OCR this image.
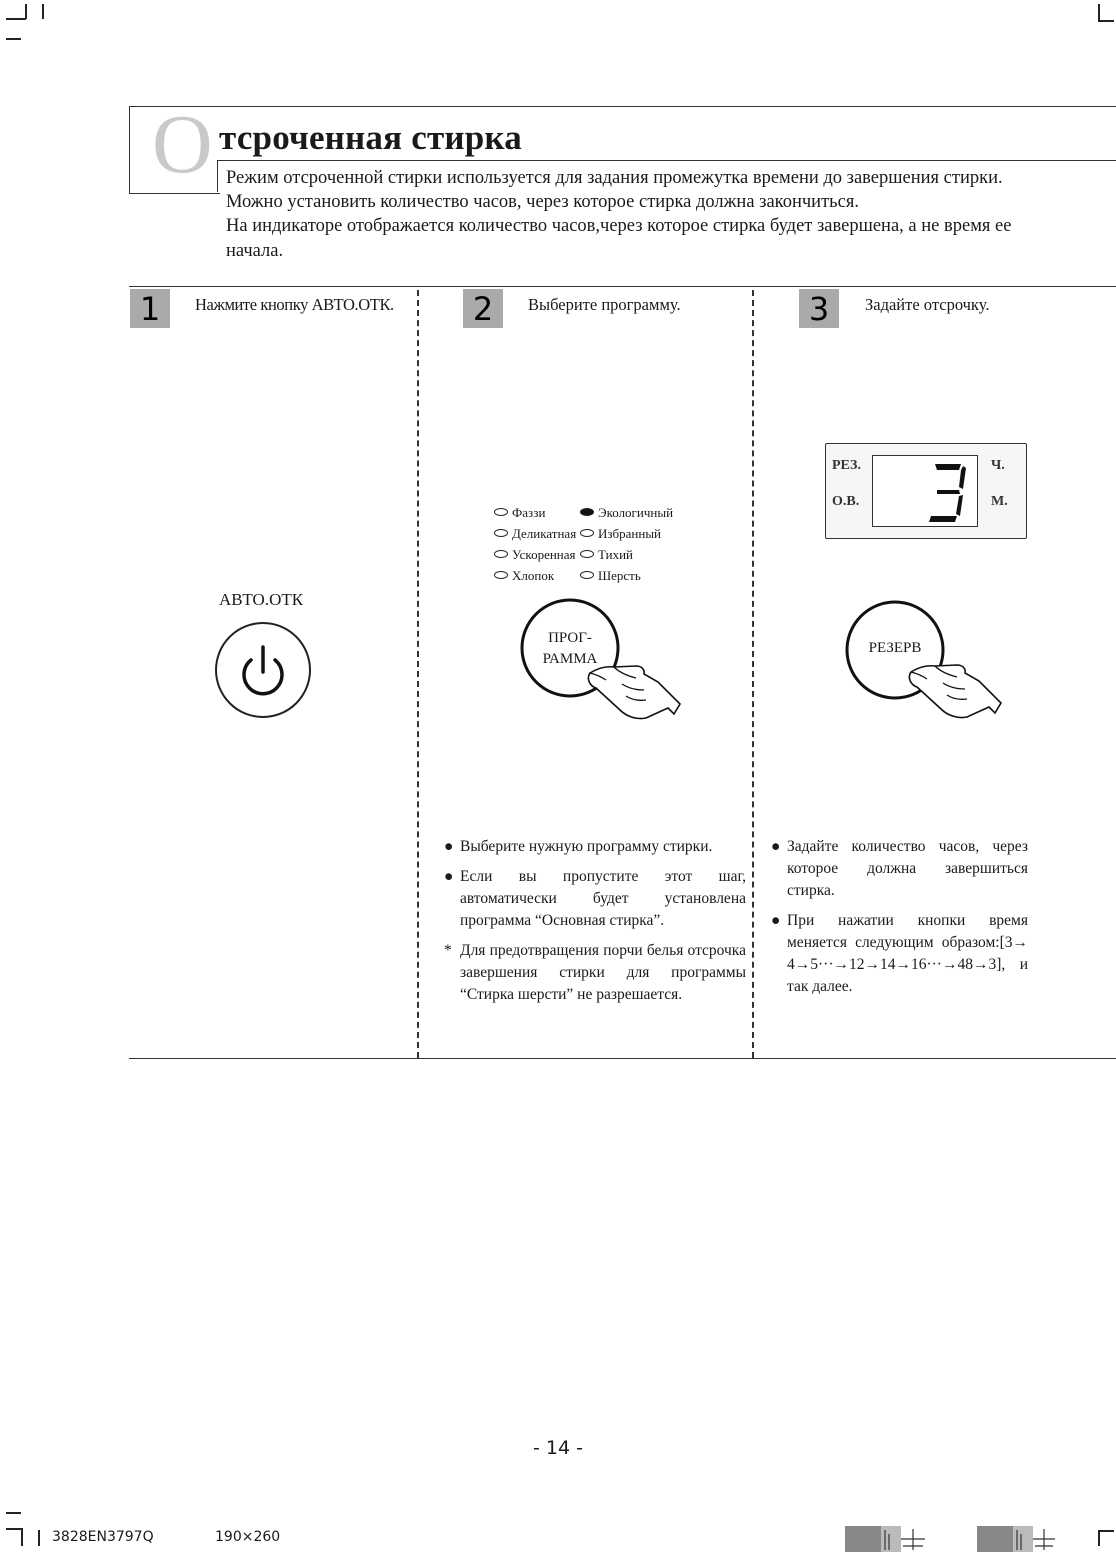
О тсроченная стирка

Режим отсроченной стирки используется для задания промежутка времени до завершения стирки.

Можно установить количество часов, через которое стирка должна закончиться.

На индикаторе отображается количество часов,через которое стирка будет завершена, а не время ее начала.

1	Нажмите кнопку АВТО.ОТК.
АВТО.ОТК
2	Выберите программу.
Фаззи	Экологичный
Деликатная	Избранный
Ускоренная	Тихий
Хлопок	Шерсть
ПРОГ-
РАММА
● Выберите нужную программу стирки.
● Если вы пропустите этот шаг, автоматически будет установлена программа “Основная стирка”.
* Для предотвращения порчи белья отсрочка завершения стирки для программы “Стирка шерсти” не разрешается.
3	Задайте отсрочку.
РЕЗ.
О.В.
Ч.
М.
РЕЗЕРВ
● Задайте количество часов, через которое должна завершиться стирка.
● При нажатии кнопки время меняется следующим образом:[3→ 4→5···→12→14→16···→48→3], и так далее.
- 14 -
3828EN3797Q	190×260
